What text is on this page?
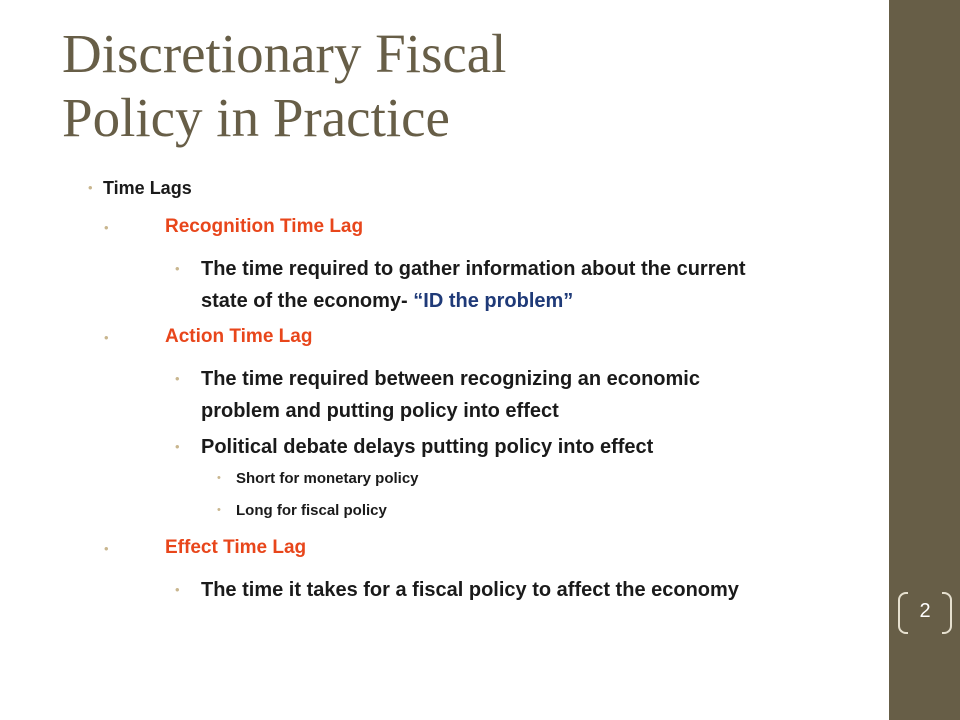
2
Discretionary Fiscal
Policy in Practice
• Time Lags
•	Recognition Time Lag
• The time required to gather information about the current
state of the economy- “ID the problem”
•	Action Time Lag
• The time required between recognizing an economic
problem and putting policy into effect
• Political debate delays putting policy into effect
• Short for monetary policy
• Long for fiscal policy
•	Effect Time Lag
• The time it takes for a fiscal policy to affect the economy
